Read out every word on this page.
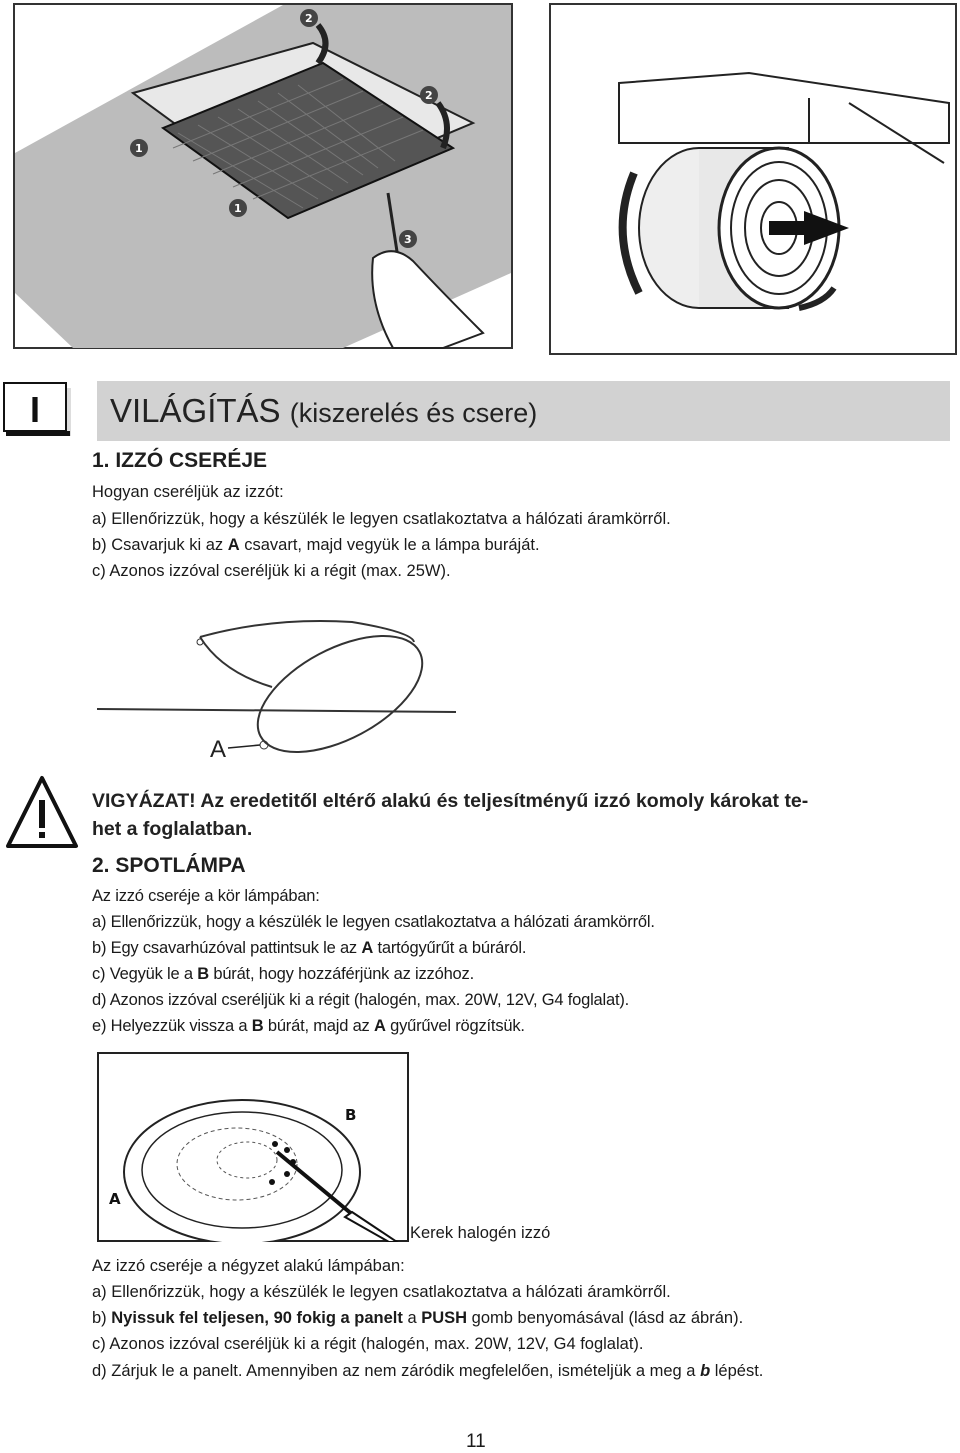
2
2
1
1
3
I VILÁGÍTÁS (kiszerelés és csere)
1. IZZÓ CSERÉJE
Hogyan cseréljük az izzót:
a) Ellenőrizzük, hogy a készülék le legyen csatlakoztatva a hálózati áramkörről.
b) Csavarjuk ki az A csavart, majd vegyük le a lámpa buráját.
c) Azonos izzóval cseréljük ki a régit (max. 25W).
A
VIGYÁZAT! Az eredetitől eltérő alakú és teljesítményű izzó komoly károkat te-
het a foglalatban.
2. SPOTLÁMPA
Az izzó cseréje a kör lámpában:
a) Ellenőrizzük, hogy a készülék le legyen csatlakoztatva a hálózati áramkörről.
b) Egy csavarhúzóval pattintsuk le az A tartógyűrűt a búráról.
c) Vegyük le a B búrát, hogy hozzáférjünk az izzóhoz.
d) Azonos izzóval cseréljük ki a régit (halogén, max. 20W, 12V, G4 foglalat).
e) Helyezzük vissza a B búrát, majd az A gyűrűvel rögzítsük.
B
A
Kerek halogén izzó
Az izzó cseréje a négyzet alakú lámpában:
a) Ellenőrizzük, hogy a készülék le legyen csatlakoztatva a hálózati áramkörről.
b) Nyissuk fel teljesen, 90 fokig a panelt a PUSH gomb benyomásával (lásd az ábrán).
c) Azonos izzóval cseréljük ki a régit (halogén, max. 20W, 12V, G4 foglalat).
d) Zárjuk le a panelt. Amennyiben az nem záródik megfelelően, ismételjük a meg a b lépést.
11
